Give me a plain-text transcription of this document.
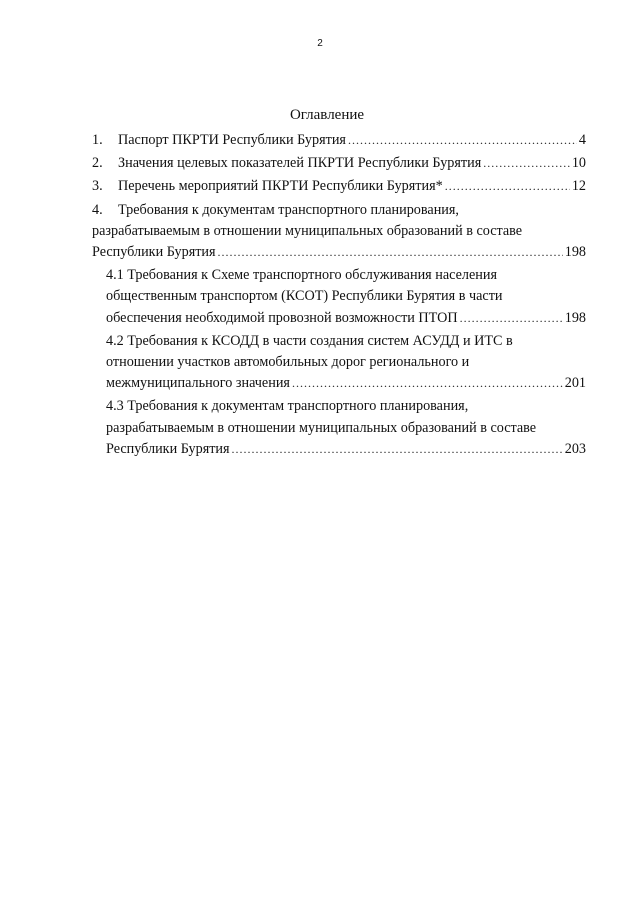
2
Оглавление
1. Паспорт ПКРТИ Республики Бурятия .....	4
2. Значения целевых показателей ПКРТИ Республики Бурятия .....	10
3. Перечень мероприятий ПКРТИ Республики Бурятия* .....	12
4. Требования к документам транспортного планирования,
разрабатываемым в отношении муниципальных образований в составе
Республики Бурятия .....	198
4.1 Требования к Схеме транспортного обслуживания населения
общественным транспортом (КСОТ) Республики Бурятия в части
обеспечения необходимой провозной возможности ПТОП .....	198
4.2 Требования к КСОДД в части создания систем АСУДД и ИТС в
отношении участков автомобильных дорог регионального и
межмуниципального значения .....	201
4.3 Требования к документам транспортного планирования,
разрабатываемым в отношении муниципальных образований в составе
Республики Бурятия .....	203
